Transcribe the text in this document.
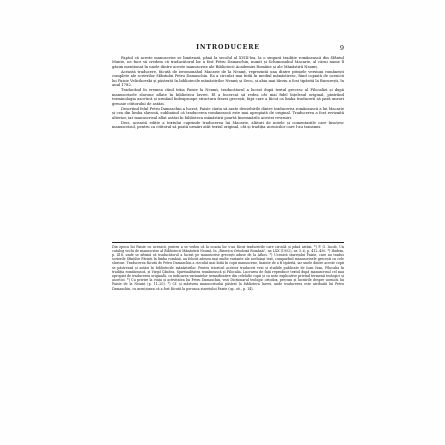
INTRODUCERE	9

Faptul că aceste manuscrise se limitează, până la secolul al XVIII-lea, la o singură tradiție românească din Sfântul Munte, ne face să credem că traducătorul lor a fost Petru Damaschin, numit și Schimonahul Macarie, al cărui nume îl găsim menționat în unele dintre aceste manuscrise ale Bibliotecii Academiei Române și ale Mănăstirii Neamț.

Această traducere, făcută de ieromonahul Macarie de la Neamț, reprezintă una dintre primele versiuni românești complete ale scrierilor Sfântului Petru Damaschin. Ea a circulat mai întâi în mediul mănăstiresc, fiind copiată de ucenicii lui Paisie Velicikovski și păstrată în bibliotecile mănăstirilor Neamț și Secu, și abia mai târziu a fost tipărită la București, în anul 1782.

Traducând în vremea când trăia Paisie la Neamț, traducătorul a lucrat după textul grecesc al Filocaliei și după manuscrisele slavone aflate în biblioteca lavrei. El a încercat să redea cât mai fidel înțelesul original, păstrând terminologia ascetică și urmând îndeaproape structura frazei grecești, fapt care a făcut ca limba traducerii să pară uneori greoaie cititorului de astăzi.

Descriind felul Petru Damaschin a lucrat, Paisie căuta să arate deosebirile dintre traducerea românească a lui Macarie și cea din limba slavonă, subliniind că traducerea românească este mai apropiată de original. Traducerea a fost revizuită ulterior, iar manuscrisul aflat astăzi în biblioteca mănăstirii poartă însemnările acestei revizuiri.

Deci, această ediție a textului cuprinde traducerea lui Macarie, alături de notele și comentariile care însoțesc manuscrisul, pentru ca cititorul să poată urmări atât textul original, cât și tradiția ucenicilor care l-au transmis.

Din epoca lui Paisie cu ucenicii, pentru a se vedea că la ocazia lor s-au făcut traducerile care circulă și până astăzi. *) P. G. Iacob, Un catalog vechi de manuscrise al Bibliotecii Mănăstirii Neamț, în „Biserica Ortodoxă Română”, an LXX (1952), nr. 5–6, p. 412–430. *) Ibidem, p. 418, unde se afirmă că traducătorul a lucrat pe manuscrise grecești aduse de la Athos. *) Ucenicii starețului Paisie, care au tradus scrierile Sfinților Părinți în limba română, au folosit adesea mai multe variante ale aceluiași text, comparând manuscrisele grecești cu cele slavone. Traducerea făcută de Petru Damaschin a circulat mai întâi în copii manuscrise, înainte de a fi tipărită, iar unele dintre aceste copii se păstrează și astăzi în bibliotecile mănăstirilor. Pentru istoricul acestor traduceri vezi și studiile publicate de Ioan Ivan, Filocalia în tradiția românească, și Virgil Cândea, Spiritualitatea românească și Filocalia. Lucrarea de față reproduce textul după manuscrisul cel mai apropiat de traducerea originală, cu indicarea variantelor semnificative din celelalte copii și cu note explicative privind termenii teologici și ascetici. *) Cu privire la viața și activitatea lui Petru Damaschin, vezi Dicționarul teologic ortodox, precum și lucrările despre ucenicii lui Paisie de la Neamț (p. 11–20). *) Cf. și mărturia manuscrisului păstrat la biblioteca lavrei, unde traducerea este atribuită lui Petru Damaschin, cu mențiunea că a fost făcută la porunca starețului Paisie (op. cit., p. 14).
